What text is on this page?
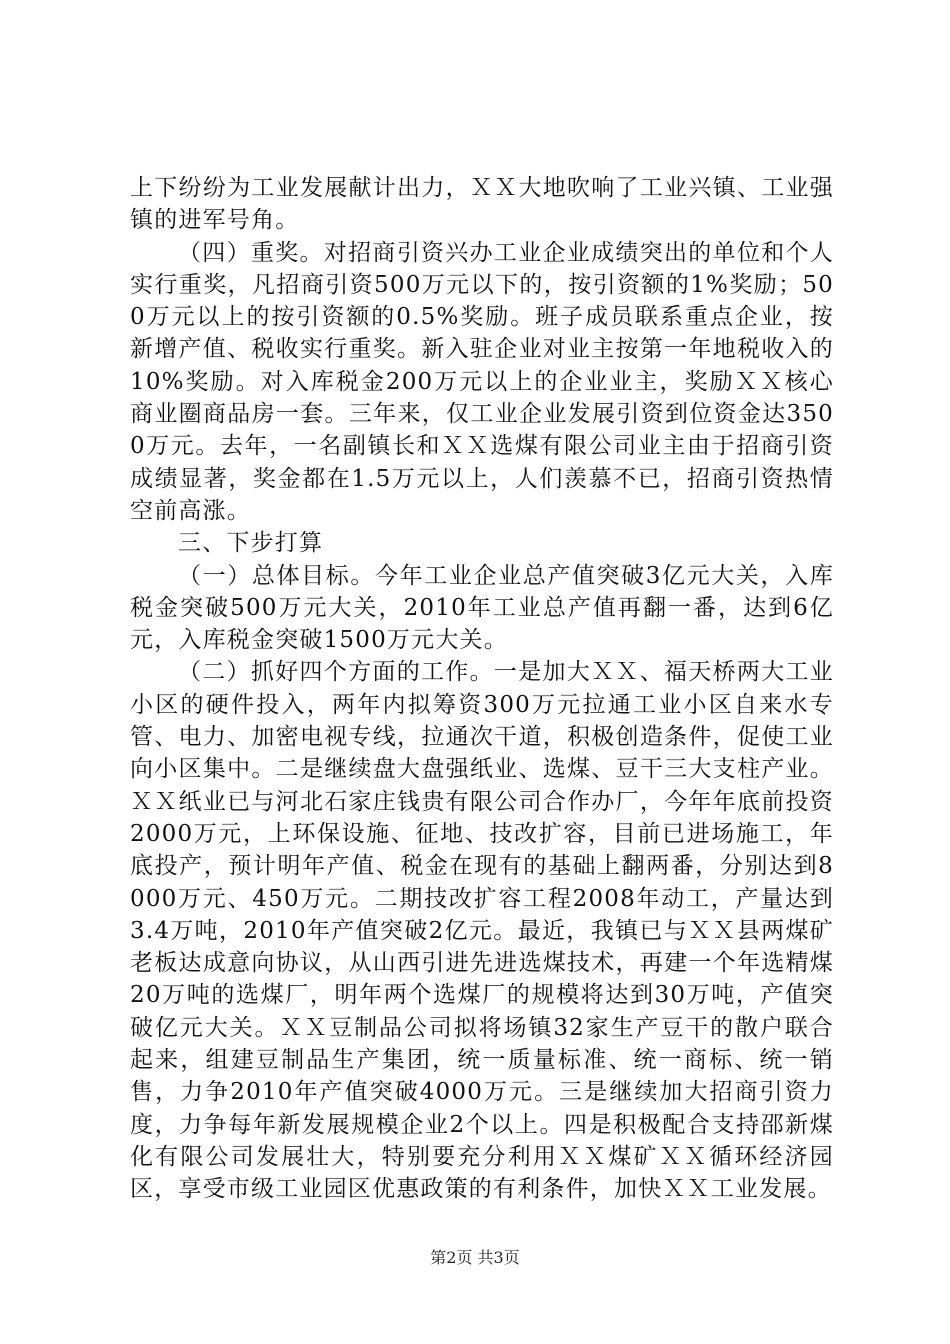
上下纷纷为工业发展献计出力，ＸＸ大地吹响了工业兴镇、工业强镇的进军号角。

（四）重奖。对招商引资兴办工业企业成绩突出的单位和个人实行重奖，凡招商引资500万元以下的，按引资额的1%奖励；500万元以上的按引资额的0.5%奖励。班子成员联系重点企业，按新增产值、税收实行重奖。新入驻企业对业主按第一年地税收入的10%奖励。对入库税金200万元以上的企业业主，奖励ＸＸ核心商业圈商品房一套。三年来，仅工业企业发展引资到位资金达3500万元。去年，一名副镇长和ＸＸ选煤有限公司业主由于招商引资成绩显著，奖金都在1.5万元以上，人们羡慕不已，招商引资热情空前高涨。

三、下步打算

（一）总体目标。今年工业企业总产值突破3亿元大关，入库税金突破500万元大关，2010年工业总产值再翻一番，达到6亿元，入库税金突破1500万元大关。

（二）抓好四个方面的工作。一是加大ＸＸ、福天桥两大工业小区的硬件投入，两年内拟筹资300万元拉通工业小区自来水专管、电力、加密电视专线，拉通次干道，积极创造条件，促使工业向小区集中。二是继续盘大盘强纸业、选煤、豆干三大支柱产业。ＸＸ纸业已与河北石家庄钱贵有限公司合作办厂，今年年底前投资2000万元，上环保设施、征地、技改扩容，目前已进场施工，年底投产，预计明年产值、税金在现有的基础上翻两番，分别达到8000万元、450万元。二期技改扩容工程2008年动工，产量达到3.4万吨，2010年产值突破2亿元。最近，我镇已与ＸＸ县两煤矿老板达成意向协议，从山西引进先进选煤技术，再建一个年选精煤20万吨的选煤厂，明年两个选煤厂的规模将达到30万吨，产值突破亿元大关。ＸＸ豆制品公司拟将场镇32家生产豆干的散户联合起来，组建豆制品生产集团，统一质量标准、统一商标、统一销售，力争2010年产值突破4000万元。三是继续加大招商引资力度，力争每年新发展规模企业2个以上。四是积极配合支持邵新煤化有限公司发展壮大，特别要充分利用ＸＸ煤矿ＸＸ循环经济园区，享受市级工业园区优惠政策的有利条件，加快ＸＸ工业发展。

第2页 共3页
